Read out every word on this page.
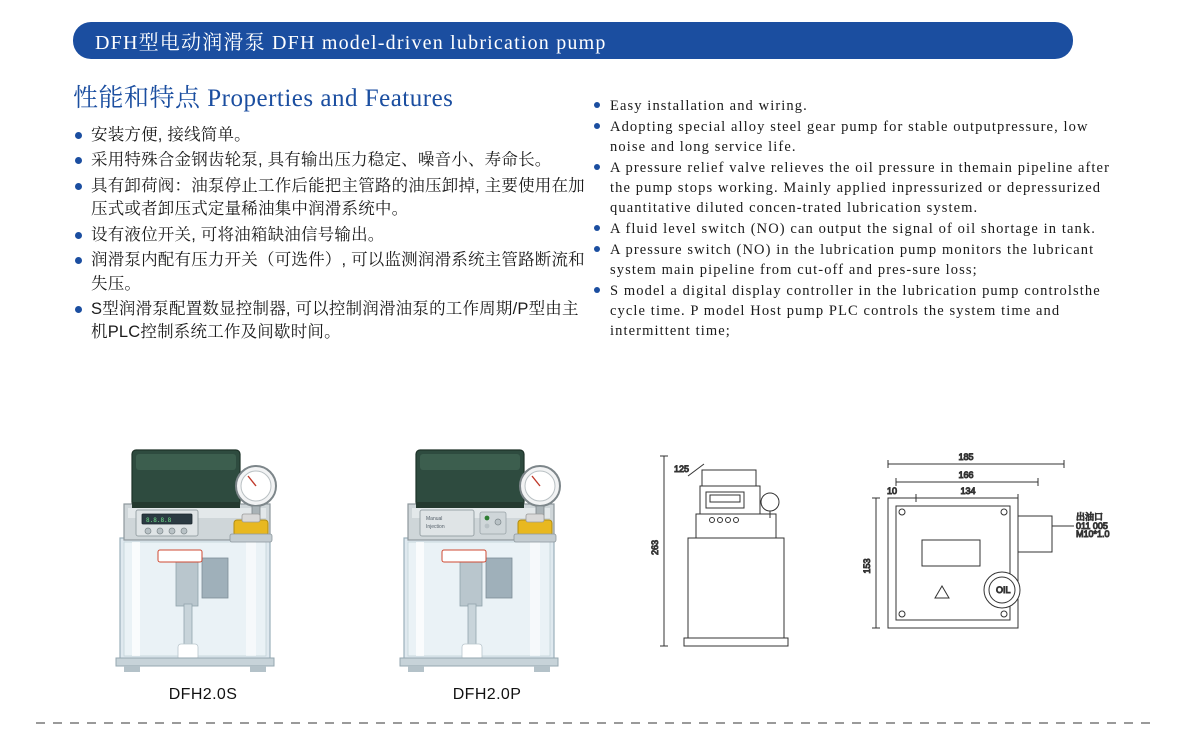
DFH型电动润滑泵 DFH model-driven lubrication pump
性能和特点 Properties and Features
安装方便, 接线简单。
采用特殊合金钢齿轮泵, 具有输出压力稳定、噪音小、寿命长。
具有卸荷阀：油泵停止工作后能把主管路的油压卸掉, 主要使用在加压式或者卸压式定量稀油集中润滑系统中。
设有液位开关, 可将油箱缺油信号输出。
润滑泵内配有压力开关（可选件）, 可以监测润滑系统主管路断流和失压。
S型润滑泵配置数显控制器, 可以控制润滑油泵的工作周期/P型由主机PLC控制系统工作及间歇时间。
Easy installation and wiring.
Adopting special alloy steel gear pump for stable outputpressure, low noise and long service life.
A pressure relief valve relieves the oil pressure in themain pipeline after the pump stops working. Mainly applied inpressurized or depressurized quantitative diluted concen-trated lubrication system.
A fluid level switch (NO) can output the signal of oil shortage in tank.
A pressure switch (NO) in the lubrication pump monitors the lubricant system main pipeline from cut-off and pres-sure loss;
S model a digital display controller in the lubrication pump controlsthe cycle time. P model Host pump PLC controls the system time and intermittent time;
8.8.8.8
DFH2.0S
Manual
Injection
DFH2.0P
263
125
185
166
134
10
153
OIL
出油口
011 005
M10*1.0
